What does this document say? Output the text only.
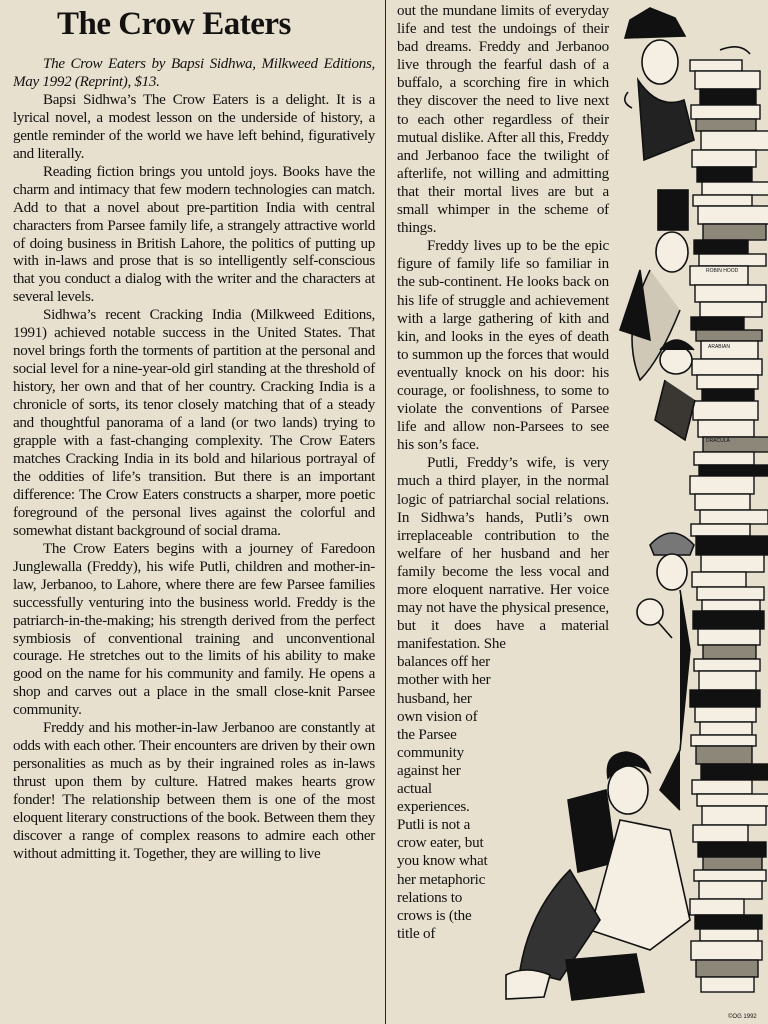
The Crow Eaters

The Crow Eaters by Bapsi Sidhwa, Milkweed Editions, May 1992 (Reprint), $13.

Bapsi Sidhwa’s The Crow Eaters is a delight. It is a lyrical novel, a modest lesson on the underside of history, a gentle reminder of the world we have left behind, figuratively and literally.

Reading fiction brings you untold joys. Books have the charm and intimacy that few modern technologies can match. Add to that a novel about pre-partition India with central characters from Parsee family life, a strangely attractive world of doing business in British Lahore, the politics of putting up with in-laws and prose that is so intelligently self-conscious that you conduct a dialog with the writer and the characters at several levels.

Sidhwa’s recent Cracking India (Milkweed Editions, 1991) achieved notable success in the United States. That novel brings forth the torments of partition at the personal and social level for a nine-year-old girl standing at the threshold of history, her own and that of her country. Cracking India is a chronicle of sorts, its tenor closely matching that of a steady and thoughtful panorama of a land (or two lands) trying to grapple with a fast-changing complexity. The Crow Eaters matches Cracking India in its bold and hilarious portrayal of the oddities of life’s transition. But there is an important difference: The Crow Eaters constructs a sharper, more poetic foreground of the personal lives against the colorful and somewhat distant background of social drama.

The Crow Eaters begins with a journey of Faredoon Junglewalla (Freddy), his wife Putli, children and mother-in-law, Jerbanoo, to Lahore, where there are few Parsee families successfully venturing into the business world. Freddy is the patriarch-in-the-making; his strength derived from the perfect symbiosis of conventional training and unconventional courage. He stretches out to the limits of his ability to make good on the name for his community and family. He opens a shop and carves out a place in the small close-knit Parsee community.

Freddy and his mother-in-law Jerbanoo are constantly at odds with each other. Their encounters are driven by their own personalities as much as by their ingrained roles as in-laws thrust upon them by culture. Hatred makes hearts grow fonder! The relationship between them is one of the most eloquent literary constructions of the book. Between them they discover a range of complex reasons to admire each other without admitting it. Together, they are willing to live

out the mundane limits of everyday life and test the undoings of their bad dreams. Freddy and Jerbanoo live through the fearful dash of a buffalo, a scorching fire in which they discover the need to live next to each other regardless of their mutual dislike. After all this, Freddy and Jerbanoo face the twilight of afterlife, not willing and admitting that their mortal lives are but a small whimper in the scheme of things.

Freddy lives up to be the epic figure of family life so familiar in the sub-continent. He looks back on his life of struggle and achievement with a large gathering of kith and kin, and looks in the eyes of death to summon up the forces that would eventually knock on his door: his courage, or foolishness, to some to violate the conventions of Parsee life and allow non-Parsees to see his son’s face.

Putli, Freddy’s wife, is very much a third player, in the normal logic of patriarchal social relations. In Sidhwa’s hands, Putli’s own irreplaceable contribution to the welfare of her husband and her family become the less vocal and more eloquent narrative. Her voice may not have the physical presence, but it does have a material manifestation. She

balances off her mother with her husband, her own vision of the Parsee community against her actual experiences. Putli is not a crow eater, but you know what her metaphoric relations to crows is (the title of

ROBIN HOOD
ARABIAN
DRACULA
©OG 1992
